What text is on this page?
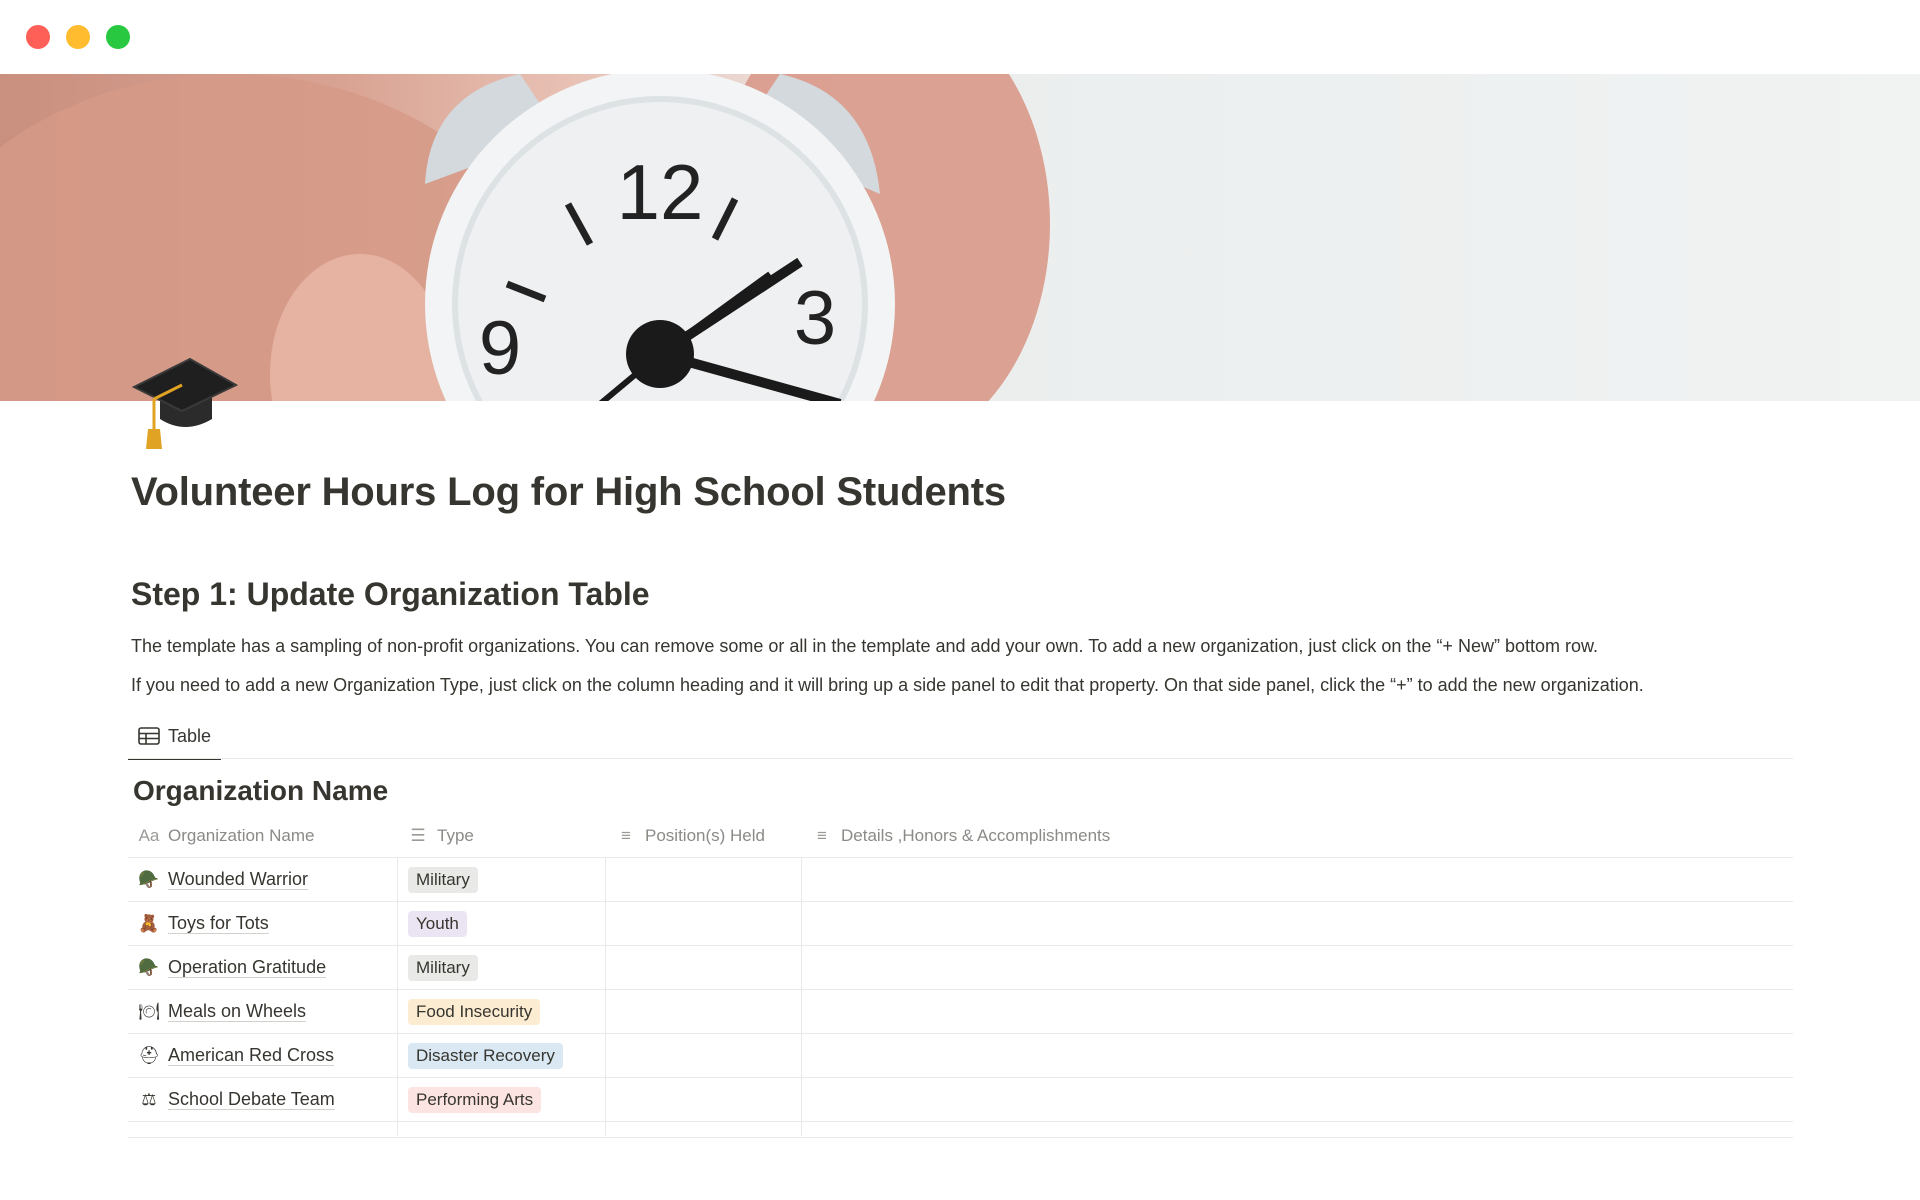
12
3
9
Volunteer Hours Log for High School Students
Step 1: Update Organization Table

The template has a sampling of non-profit organizations. You can remove some or all in the template and add your own. To add a new organization, just click on the “+ New” bottom row.

If you need to add a new Organization Type, just click on the column heading and it will bring up a side panel to edit that property. On that side panel, click the “+” to add the new organization.

Table
Organization Name
Aa Organization Name	☰ Type	≡ Position(s) Held	≡ Details ,Honors & Accomplishments
🪖 Wounded Warrior	Military
🧸 Toys for Tots	Youth
🪖 Operation Gratitude	Military
🍽 Meals on Wheels	Food Insecurity
⛑ American Red Cross	Disaster Recovery
⚖ School Debate Team	Performing Arts
